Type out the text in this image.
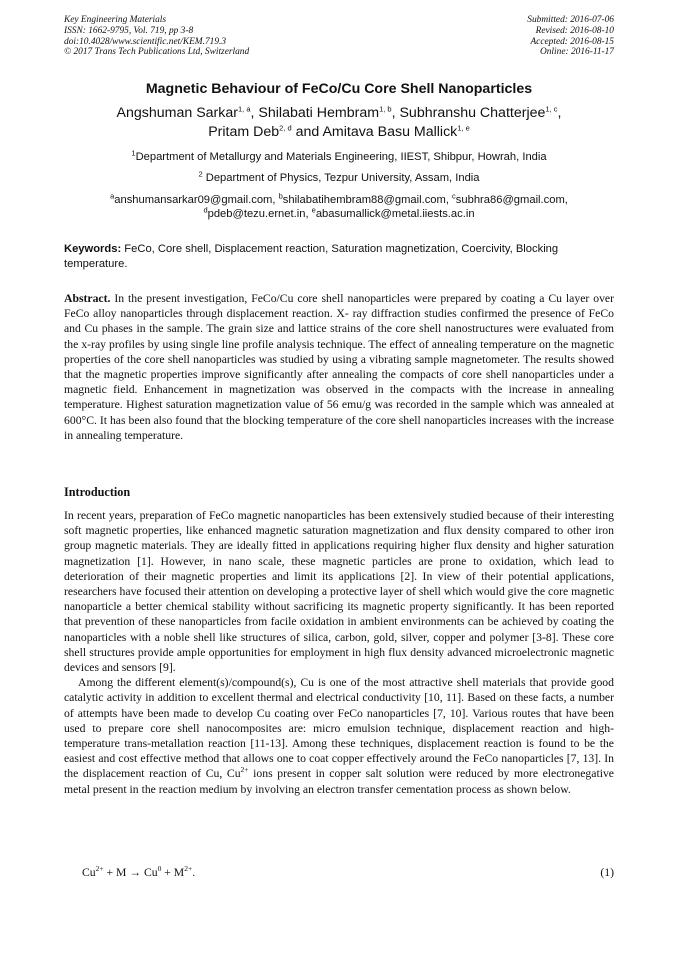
Key Engineering Materials
ISSN: 1662-9795, Vol. 719, pp 3-8
doi:10.4028/www.scientific.net/KEM.719.3
© 2017 Trans Tech Publications Ltd, Switzerland
Submitted: 2016-07-06
Revised: 2016-08-10
Accepted: 2016-08-15
Online: 2016-11-17
Magnetic Behaviour of FeCo/Cu Core Shell Nanoparticles
Angshuman Sarkar$^{1, a}$, Shilabati Hembram$^{1, b}$, Subhranshu Chatterjee$^{1, c}$,
Pritam Deb$^{2, d}$ and Amitava Basu Mallick$^{1, e}$
$^1$Department of Metallurgy and Materials Engineering, IIEST, Shibpur, Howrah, India
$^2$ Department of Physics, Tezpur University, Assam, India
$^a$anshumansarkar09@gmail.com, $^b$shilabatihembram88@gmail.com, $^c$subhra86@gmail.com,
$^d$pdeb@tezu.ernet.in, $^e$abasumallick@metal.iiests.ac.in
Keywords: FeCo, Core shell, Displacement reaction, Saturation magnetization, Coercivity, Blocking temperature.
Abstract. In the present investigation, FeCo/Cu core shell nanoparticles were prepared by coating a Cu layer over FeCo alloy nanoparticles through displacement reaction. X- ray diffraction studies confirmed the presence of FeCo and Cu phases in the sample. The grain size and lattice strains of the core shell nanostructures were evaluated from the x-ray profiles by using single line profile analysis technique. The effect of annealing temperature on the magnetic properties of the core shell nanoparticles was studied by using a vibrating sample magnetometer. The results showed that the magnetic properties improve significantly after annealing the compacts of core shell nanoparticles under a magnetic field. Enhancement in magnetization was observed in the compacts with the increase in annealing temperature. Highest saturation magnetization value of 56 emu/g was recorded in the sample which was annealed at 600°C. It has been also found that the blocking temperature of the core shell nanoparticles increases with the increase in annealing temperature.
Introduction

In recent years, preparation of FeCo magnetic nanoparticles has been extensively studied because of their interesting soft magnetic properties, like enhanced magnetic saturation magnetization and flux density compared to other iron group magnetic materials. They are ideally fitted in applications requiring higher flux density and higher saturation magnetization [1]. However, in nano scale, these magnetic particles are prone to oxidation, which lead to deterioration of their magnetic properties and limit its applications [2]. In view of their potential applications, researchers have focused their attention on developing a protective layer of shell which would give the core magnetic nanoparticle a better chemical stability without sacrificing its magnetic property significantly. It has been reported that prevention of these nanoparticles from facile oxidation in ambient environments can be achieved by coating the nanoparticles with a noble shell like structures of silica, carbon, gold, silver, copper and polymer [3-8]. These core shell structures provide ample opportunities for employment in high flux density advanced microelectronic magnetic devices and sensors [9].

Among the different element(s)/compound(s), Cu is one of the most attractive shell materials that provide good catalytic activity in addition to excellent thermal and electrical conductivity [10, 11]. Based on these facts, a number of attempts have been made to develop Cu coating over FeCo nanoparticles [7, 10]. Various routes that have been used to prepare core shell nanocomposites are: micro emulsion technique, displacement reaction and high-temperature trans-metallation reaction [11-13]. Among these techniques, displacement reaction is found to be the easiest and cost effective method that allows one to coat copper effectively around the FeCo nanoparticles [7, 13]. In the displacement reaction of Cu, $Cu^{2+}$ ions present in copper salt solution were reduced by more electronegative metal present in the reaction medium by involving an electron transfer cementation process as shown below.

$Cu^{2+} + M \to Cu^0 + M^{2+}$.	(1)
